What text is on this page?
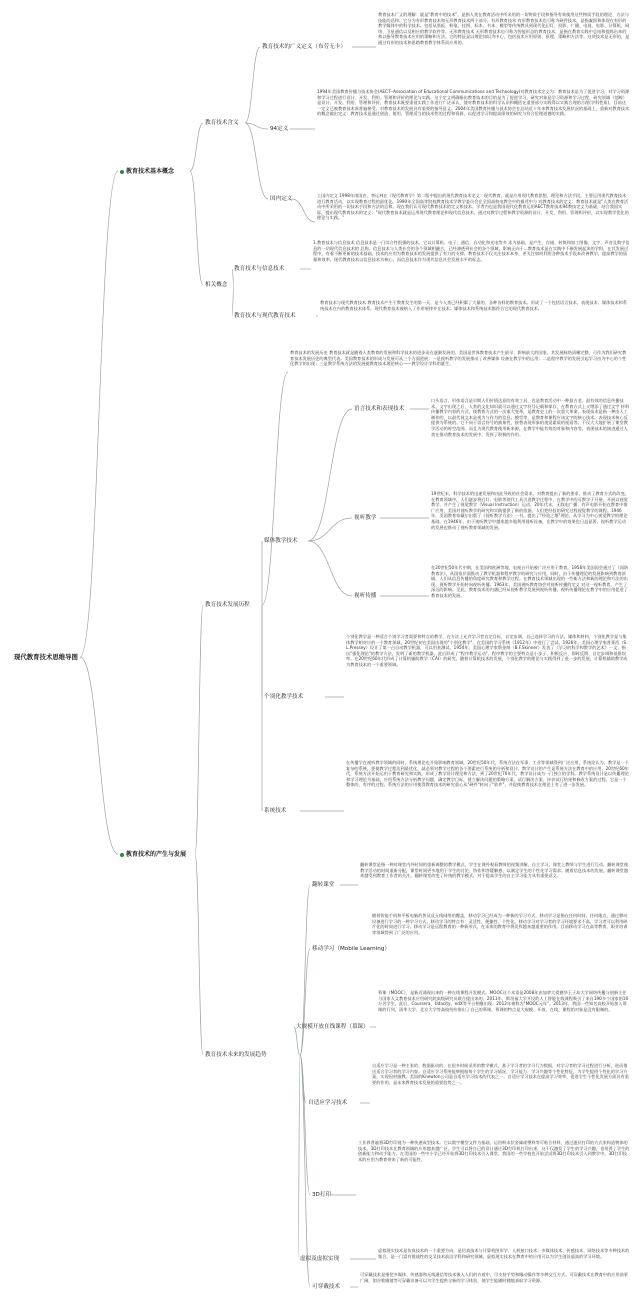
现代教育技术思维导图
教育技术基本概念
教育技术含义
教育技术的广义定义（布劳无卡）
教育技术广义的理解：就是"教育中的技术"，是指人类在教育活动中所采用的一切物质手段和指导有效使用这些物质手段的理论、方法与技能的总和。它分为有形教育技术和无形教育技术两个部分。有形教育技术 有形教育技术也可称为硬件技术，是指凝固和体现在有形的教学媒体中的科学技术。包括从黑板、粉笔、挂图、标本、书本、模型等传统教具到现代化幻灯、投影、广播、电视、电影、计算机、网络、卫星通信以及相应的教学软件等。无形教育技术 无形教育技术也可称为智能形态的教育技术，是指在教育实践中总结和提炼出来的和以指导教育技术应用的策略和方法。它的特征是以理论知识为中心，包括技术应用原则、原理、策略和方法等。这块技术是无形的，是通过有形的技术和思路教育教学体系而应用的。
94定义
1994年美国教育传播与技术协会(AECT--Association of Educational Communications and Technology)对教育技术定义为：教育技术是为了促进学习，对学习资源和学习过程进行设计、开发、利用、管理和评价的理论与实践。这个定义明确指出教育技术的目的是为了促进学习，研究对象是学习资源和学习过程，研究领域（范畴）是设计、开发、利用、管理和评价，教育技术既要重视实践工作进行广泛承认，使对教育技术的科学认识和概括在重要部分实践得以实践合理的合理(学科性质)，目前这一定义已被教育技术界普遍接受。对教育技术的发展具有重要的指导意义。2004年美国教育传播与技术协会在总结近十年来教育技术发展状况的基础上，重新对教育技术的概念做出定义：教育技术是通过创造、使用、管理适当的技术性的过程和资源，以促进学习和提高绩效的研究与符合伦理道德的实践。
国内定义
上国内定义 1998年南国农、李运林在《现代教育学》第二版中提出的现代教育技术定义：现代教育，就是应用现代教育思想、理论和方法手段，主要运用现代教育技术进行教育活动，以实现教育过程的最优化。1990年全国高等院校教育技术学教学委员会在全国高校电教会中的描述中与 对教育技术的定义：教育技术就是"人类在教育活动中所采用的一切技术手段和方法的总和。现在我们认可现代教育技术的定义和技术。学者内也是我国现代化教育运用AECT教育技术94教技定义为基础，结合我国实际，提出现代教育技术的定义："现代教育技术就是运用现代教育理论和现代信息技术，通过对教学过程和教学资源的设计、开发、利用、管理和评价，以实现教学优化的理论与实践。"
相关概念
教育技术与信息技术
1.教育技术与信息技术 信息技术是一门综合性很强的技术，它以计算机、电子、通信、自动化和光电等多 术为基础，是产生、存储、转换和加工图像、文字、声音及数字信息的一切现代信息技术的 总称。信息技术与人类社会的各个领域相融合，已经渗透到社会的各个领域，影响正向于...教育技术是在实践中不断发展起来的学科，在其发展过程中，有着不断更新的技术基础。技术的应用为教育技术的发展提供了有力的支撑。教育技术不仅关注技术本身，更关注如何利用各种技术手段来改善教学。提高教学的质量和效率。现代教育技术以信息技术为核心，而信息技术作为现代信息社会发展水平的标志。
教育技术与现代教育技术
教育技术与现代教育技术 教育技术产生于教育发生的第一天，是今人类已经积累了大量的、各种各样的教育技术。形成了一个包括语言技术、表现技术、媒体技术和系统技术在内的教育技术体系。现代教育技术被纳入了作用规律并在技术；媒体技术和系统技术都符合它的现代教育技术。
教育技术的产生与发展
教育技术发展历程
教育技术的发展历史 教育技术就是随着人类教育的发展和科学技术的进步而在逐渐发展的。美国是世界教育技术产生最早、影响最大的国家。其发展脉络清晰完整，可作为我们研究教育技术发展历史的典型代表。美国教育技术的形成与发展可从三个方面进展：一是视听教学的发展推动了改善媒体 设备在教学中的运用；二是程序教学的发展引起学习由为中心的个性化教学的出现；三是教学系统方法的发展使教育技术理论核心——教学设计学科的诞生。
媒体教学技术
语言技术和表现技术
口头语言。形体语言是早期人们传情达意的有效工具，也是教育活动中一种最古老、最有效的信息传播技术。文字出现之后，人类的文化知识就可以通过文字符号记载和保存，在教育方式上又增添了通过文字 材料传播教学内容的方式，使教育方式的一次重大变革，是教育史上的一次重大革命。表现技术是指一种由人工制作的、以最代视文本是视为与作为的信息。模型等，是教育和课程应该文字的核心技术。表现技术核心反提供为系统的。它不同于语言符号的抽象性，接替表现形象的视觉素质的视看等。不仅大大地扩展了课堂教学活动的时空范围。而且为现代教育使用新来源，在教学中能有效的对象和内容等。表现技术的演进通过人类在推动教育技术的发展中，发挥了积极的作用。
视听教学
19世纪末，科学技术的迅速发展和由此导致的社会需求，对教育提出了新的要求，推动了教育方式的改变。在教育领域中，人们逐步将幻灯、电影等现代工具引进教学过程中，在教学中的可教学于开展，开展以视觉教学，并产生了视觉教学（Visual Instruction）运动。20年代末，无线电广播、有声电影开始在教育中推广应用，美国对视听教学的研究和实践提供了新的依据，人们把经验的研究过程视觉教学的课程。1946年，美国教育家戴尔出版了《视听教学方法》一书，提出了"经验之塔"理论，从学习为中心视觉教学的理论基础。在1946年，由于视听教学中越来越多地利用视听设备，在教学中的效果也日益显著，视听教学运动的发展也推动了视听教育领域的发展。
视听传播
在20世纪50年代中期，在美国和欧洲等地，电视台开始被广泛应用于教育。1958年美国国会通过了《国防教育法》，从国家层面推动了教学机器和程序教学的研究与应用，同时，由于传播理论的发展影响到教育领域，人们从信息传播的角度研究教育和教学过程。在教育技术领域出现的一些新方法和新的理论和方法的出现，视听教学开始转向视听传播。1963年，美国视听教育协会对视听传播的定义 对这一视听教育，产生了深远的影响。至此，教育技术的内涵已经从视听教学发展到视听传播，视听传播理论在教学中的应用促进了教育技术的发展。
个别化教学技术
个别化教学是一种适合个别学习者需要和特点的教学，在方法上允许学习者自定目标、自定步调，自己选择学习的方法。媒体和材料，个别化教学是与集体教学相对应的一个教育领域，20世纪初在美国出现的"个别化教学"，在美国的学习系统（1912年）中进行了尝试。1926年，美国心理学家普莱西（S.L.Pressey）设计了第一台自动教学机器，可以用来测试。1954年，美国心理学家斯金纳（B.F.Skinner）发表了《学习的科学和教学的艺术》一文。指出"强化理论"的教学方法，发明了新的教学机器，此后形成了"程序教学运动"。程序教学的主要特点是小步子、积极反应、即时反馈、自定步调和低错误率。在20世纪60年代形成了计算机辅助教学（CAI）的研究，随着计算机技术的发展，个别化教学的理论与实践得到了进一步的发展，计算机辅助教学成为教育技术的一个重要领域。
系统技术
在传播学在视听教学领域的同时，系统理论也开始影响教育领域。20世纪50年代，系统方法在军事、工业等领域得到广泛应用，系统论认为，教学是一个复杂的系统，要使教学过程达到最优化，就必须对教学过程的各个要素进行系统的分析和设计。教学设计的产生是系统方法在教育中的应用。20世纪60年代，系统方法开始运用于教育研究和实践，形成了教学设计理论和方法，到了20世纪70年代，教学设计成为一门独立的学科。教学系统设计是以传播理论和学习理论为基础，应用系统方法分析教学问题，确定教学目标，建立解决问题的策略方案、试行解决方案、评价试行结果和修改方案的过程。它是一个整体的、有序的过程。系统方法的应用使得教育技术的研究重心从"硬件"转向了"软件"，并促使教育技术在理论上有了进一步发展。
教育技术未来的发展趋势
翻转课堂
翻转课堂是指一种对课堂内外时间的重新调整的教学模式，学生在课外观看教师的视频讲解，自主学习，课堂上教师与学生进行互动。翻转课堂使教学活动的时间重新分配，课堂时间更多地用于学生的讨论、协作和答疑解惑，以满足学生的个性化学习需求。随着信息技术的发展，翻转课堂越来越受到教育工作者的关注。翻转课堂改变了传统的教学模式，对于提高学生的自主学习能力具有重要意义。
移动学习（Mobile Learning）
随着智能手机和平板电脑的普及及无线网络的覆盖，移动学习已经成为一种新的学习方式。移动学习是指在任何时间、任何地点，通过移动设备进行学习的一种学习方式。移动学习的特点有：灵活性、便捷性、个性化。移动学习对学习者的学习环境要求不高，学习者可以利用碎片化的时间进行学习。移动学习是远程教育的一种新形式，在未来的教育中将发挥越来越重要的作用。目前移动学习在高等教育、职业培训等领域得到了广泛的应用。
大规模开放在线课程（慕课）
慕课（MOOC），是新近涌现出来的一种在线课程开发模式。MOOC这个术语是2008年由加拿大爱德华王子岛大学网络传播与创新主任与国家人文教育技术应用研究院高级研究员联合提出来的。2011年，斯坦福大学开设的人工智能在线课程吸引了来自190多个国家的16万名学生，此后，Coursera、Udacity、edX等平台相继出现。2012年被称为"MOOC元年"。2013年，我国一些知名高校开始加入慕课的行列，清华大学、北京大学等高校纷纷推出了自己的慕课。慕课的特点是大规模、开放、在线，课程的对象是没有限制的。
自适应学习技术
自适应学习是一种主张的、数据驱动的、在很多时候采用的教学模式，基于学习者的学习行为数据，对学习者的学习过程进行分析，进而推送适合学习者的学习内容。自适应学习系统能够根据每个学生的学习情况、学习能力、学习兴趣等个性化特征，为学生提供个性化的学习方案，实现因材施教。美国的Knewton公司是自适应学习技术的代表之一。自适应学习技术在提高学习效率、促进学生个性化发展方面具有重要的作用，是未来教育技术发展的重要趋势之一。
3D打印
工业界普遍将3D打印视为一种快速成型技术。它以数字模型文件为基础，运用粉末状金属或塑料等可粘合材料，通过逐层打印的方式来构造物体的技术。3D打印技术在教育领域的应用越来越广泛，学生可以将自己的设计通过3D打印机打印出来，这不仅激发了学生的学习兴趣，也培养了学生的创新能力和动手能力。在美国的一些中小学已经开始将3D打印技术引入课堂，我国的一些学校也开始尝试将3D打印技术引入到教学中。3D打印技术的应用为教育带来了新的可能性。
虚拟及虚拟实现
虚拟现实技术是仿真技术的一个重要方向，是仿真技术与计算机图形学、人机接口技术、多媒体技术、传感技术、网络技术等多种技术的集合，是一门富有挑战性的交叉技术前沿学科和研究领域。虚拟现实技术在教育中的应用可以为学生创设逼真的学习环境。
可穿戴技术
可穿戴技术是指把多媒体、传感器和无线通信等技术嵌入人们的衣着中，可支持手势和眼动操作等多种交互方式。可穿戴技术在教育中的应用前景广阔，如谷歌眼镜等可穿戴设备可以为学生提供全新的学习体验，使学生能随时随地获取学习资源。
